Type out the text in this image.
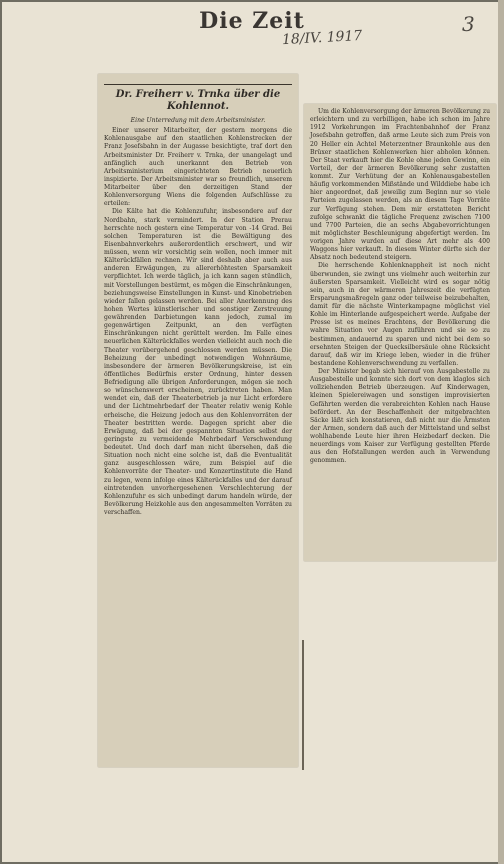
Die Zeit
18/IV. 1917
3
Dr. Freiherr v. Trnka über die Kohlennot.

Eine Unterredung mit dem Arbeitsminister.

Einer unserer Mitarbeiter, der gestern morgens die Kohlenausgabe auf den staatlichen Kohlenstrecken der Franz Josefsbahn in der Augasse besichtigte, traf dort den Arbeitsminister Dr. Freiherr v. Trnka, der unangelagt und anfänglich auch unerkannt den Betrieb von Arbeitsministerium eingerichteten Betrieb neuerlich inspizierte. Der Arbeitsminister war so freundlich, unserem Mitarbeiter über den derzeitigen Stand der Kohlenversorgung Wiens die folgenden Aufschlüsse zu erteilen:

Die Kälte hat die Kohlenzufuhr, insbesondere auf der Nordbahn, stark vermindert. In der Station Prerau herrschte noch gestern eine Temperatur von -14 Grad. Bei solchen Temperaturen ist die Bewältigung des Eisenbahnverkehrs außerordentlich erschwert, und wir müssen, wenn wir vorsichtig sein wollen, noch immer mit Kälterückfällen rechnen. Wir sind deshalb aber auch aus anderen Erwägungen, zu allererhöhtesten Sparsamkeit verpflichtet. Ich werde täglich, ja ich kann sagen stündlich, mit Vorstellungen bestürmt, es mögen die Einschränkungen, beziehungsweise Einstellungen in Kunst- und Kinobetrieben wieder fallen gelassen werden. Bei aller Anerkennung des hohen Wertes künstlerischer und sonstiger Zerstreuung gewährenden Darbietungen kann jedoch, zumal im gegenwärtigen Zeitpunkt, an den verfügten Einschränkungen nicht gerüttelt werden. Im Falle eines neuerlichen Kälterückfalles werden vielleicht auch noch die Theater vorübergehend geschlossen werden müssen. Die Beheizung der unbedingt notwendigen Wohnräume, insbesondere der ärmeren Bevölkerungskreise, ist ein öffentliches Bedürfnis erster Ordnung, hinter dessen Befriedigung alle übrigen Anforderungen, mögen sie noch so wünschenswert erscheinen, zurücktreten haben. Man wendet ein, daß der Theaterbetrieb ja nur Licht erfordere und der Lichtmehrbedarf der Theater relativ wenig Kohle erheische, die Heizung jedoch aus den Kohlenvorräten der Theater bestritten werde. Dagegen spricht aber die Erwägung, daß bei der gespannten Situation selbst der geringste zu vermeidende Mehrbedarf Verschwendung bedeutet. Und doch darf man nicht übersehen, daß die Situation noch nicht eine solche ist, daß die Eventualität ganz ausgeschlossen wäre, zum Beispiel auf die Kohlenvorräte der Theater- und Konzertinstitute die Hand zu legen, wenn infolge eines Kälterückfalles und der darauf eintretenden unvorhergesehenen Verschlechterung der Kohlenzufuhr es sich unbedingt darum handeln würde, der Bevölkerung Heizkohle aus den angesammelten Vorräten zu verschaffen.

Um die Kohlenversorgung der ärmeren Bevölkerung zu erleichtern und zu verbilligen, habe ich schon im Jahre 1912 Vorkehrungen im Frachtenbahnhof der Franz Josefsbahn getroffen, daß arme Leute sich zum Preis von 20 Heller ein Achtel Meterzentner Braunkohle aus den Brüxer staatlichen Kohlenwerken hier abholen können. Der Staat verkauft hier die Kohle ohne jeden Gewinn, ein Vorteil, der der ärmeren Bevölkerung sehr zustatten kommt. Zur Verhütung der an Kohlenausgabestellen häufig vorkommenden Mißstände und Wilddiebe habe ich hier angeordnet, daß jeweilig zum Beginn nur so viele Parteien zugelassen werden, als an diesem Tage Vorräte zur Verfügung stehen. Dem mir erstatteten Bericht zufolge schwankt die tägliche Frequenz zwischen 7100 und 7700 Parteien, die an sechs Abgabevorrichtungen mit möglichster Beschleunigung abgefertigt werden. Im vorigen Jahre wurden auf diese Art mehr als 400 Waggons hier verkauft. In diesem Winter dürfte sich der Absatz noch bedeutend steigern.

Die herrschende Kohlenknappheit ist noch nicht überwunden, sie zwingt uns vielmehr auch weiterhin zur äußersten Sparsamkeit. Vielleicht wird es sogar nötig sein, auch in der wärmeren Jahreszeit die verfügten Ersparungsmaßregeln ganz oder teilweise beizubehalten, damit für die nächste Winterkampagne möglichst viel Kohle im Hinterlande aufgespeichert werde. Aufgabe der Presse ist es meines Erachtens, der Bevölkerung die wahre Situation vor Augen zuführen und sie so zu bestimmen, andauernd zu sparen und nicht bei dem so ersehnten Steigen der Quecksilbersäule ohne Rücksicht darauf, daß wir im Kriege leben, wieder in die früher bestandene Kohlenverschwendung zu verfallen.

Der Minister begab sich hierauf von Ausgabestelle zu Ausgabestelle und konnte sich dort von dem klaglos sich vollziehenden Betrieb überzeugen. Auf Kinderwagen, kleinen Spielereiwagen und sonstigen improvisierten Gefährten werden die verabreichten Kohlen nach Hause befördert. An der Beschaffenheit der mitgebrachten Säcke läßt sich konstatieren, daß nicht nur die Ärmsten der Armen, sondern daß auch der Mittelstand und selbst wohlhabende Leute hier ihren Heizbedarf decken. Die neuerdings vom Kaiser zur Verfügung gestellten Pferde aus den Hofstallungen werden auch in Verwendung genommen.
